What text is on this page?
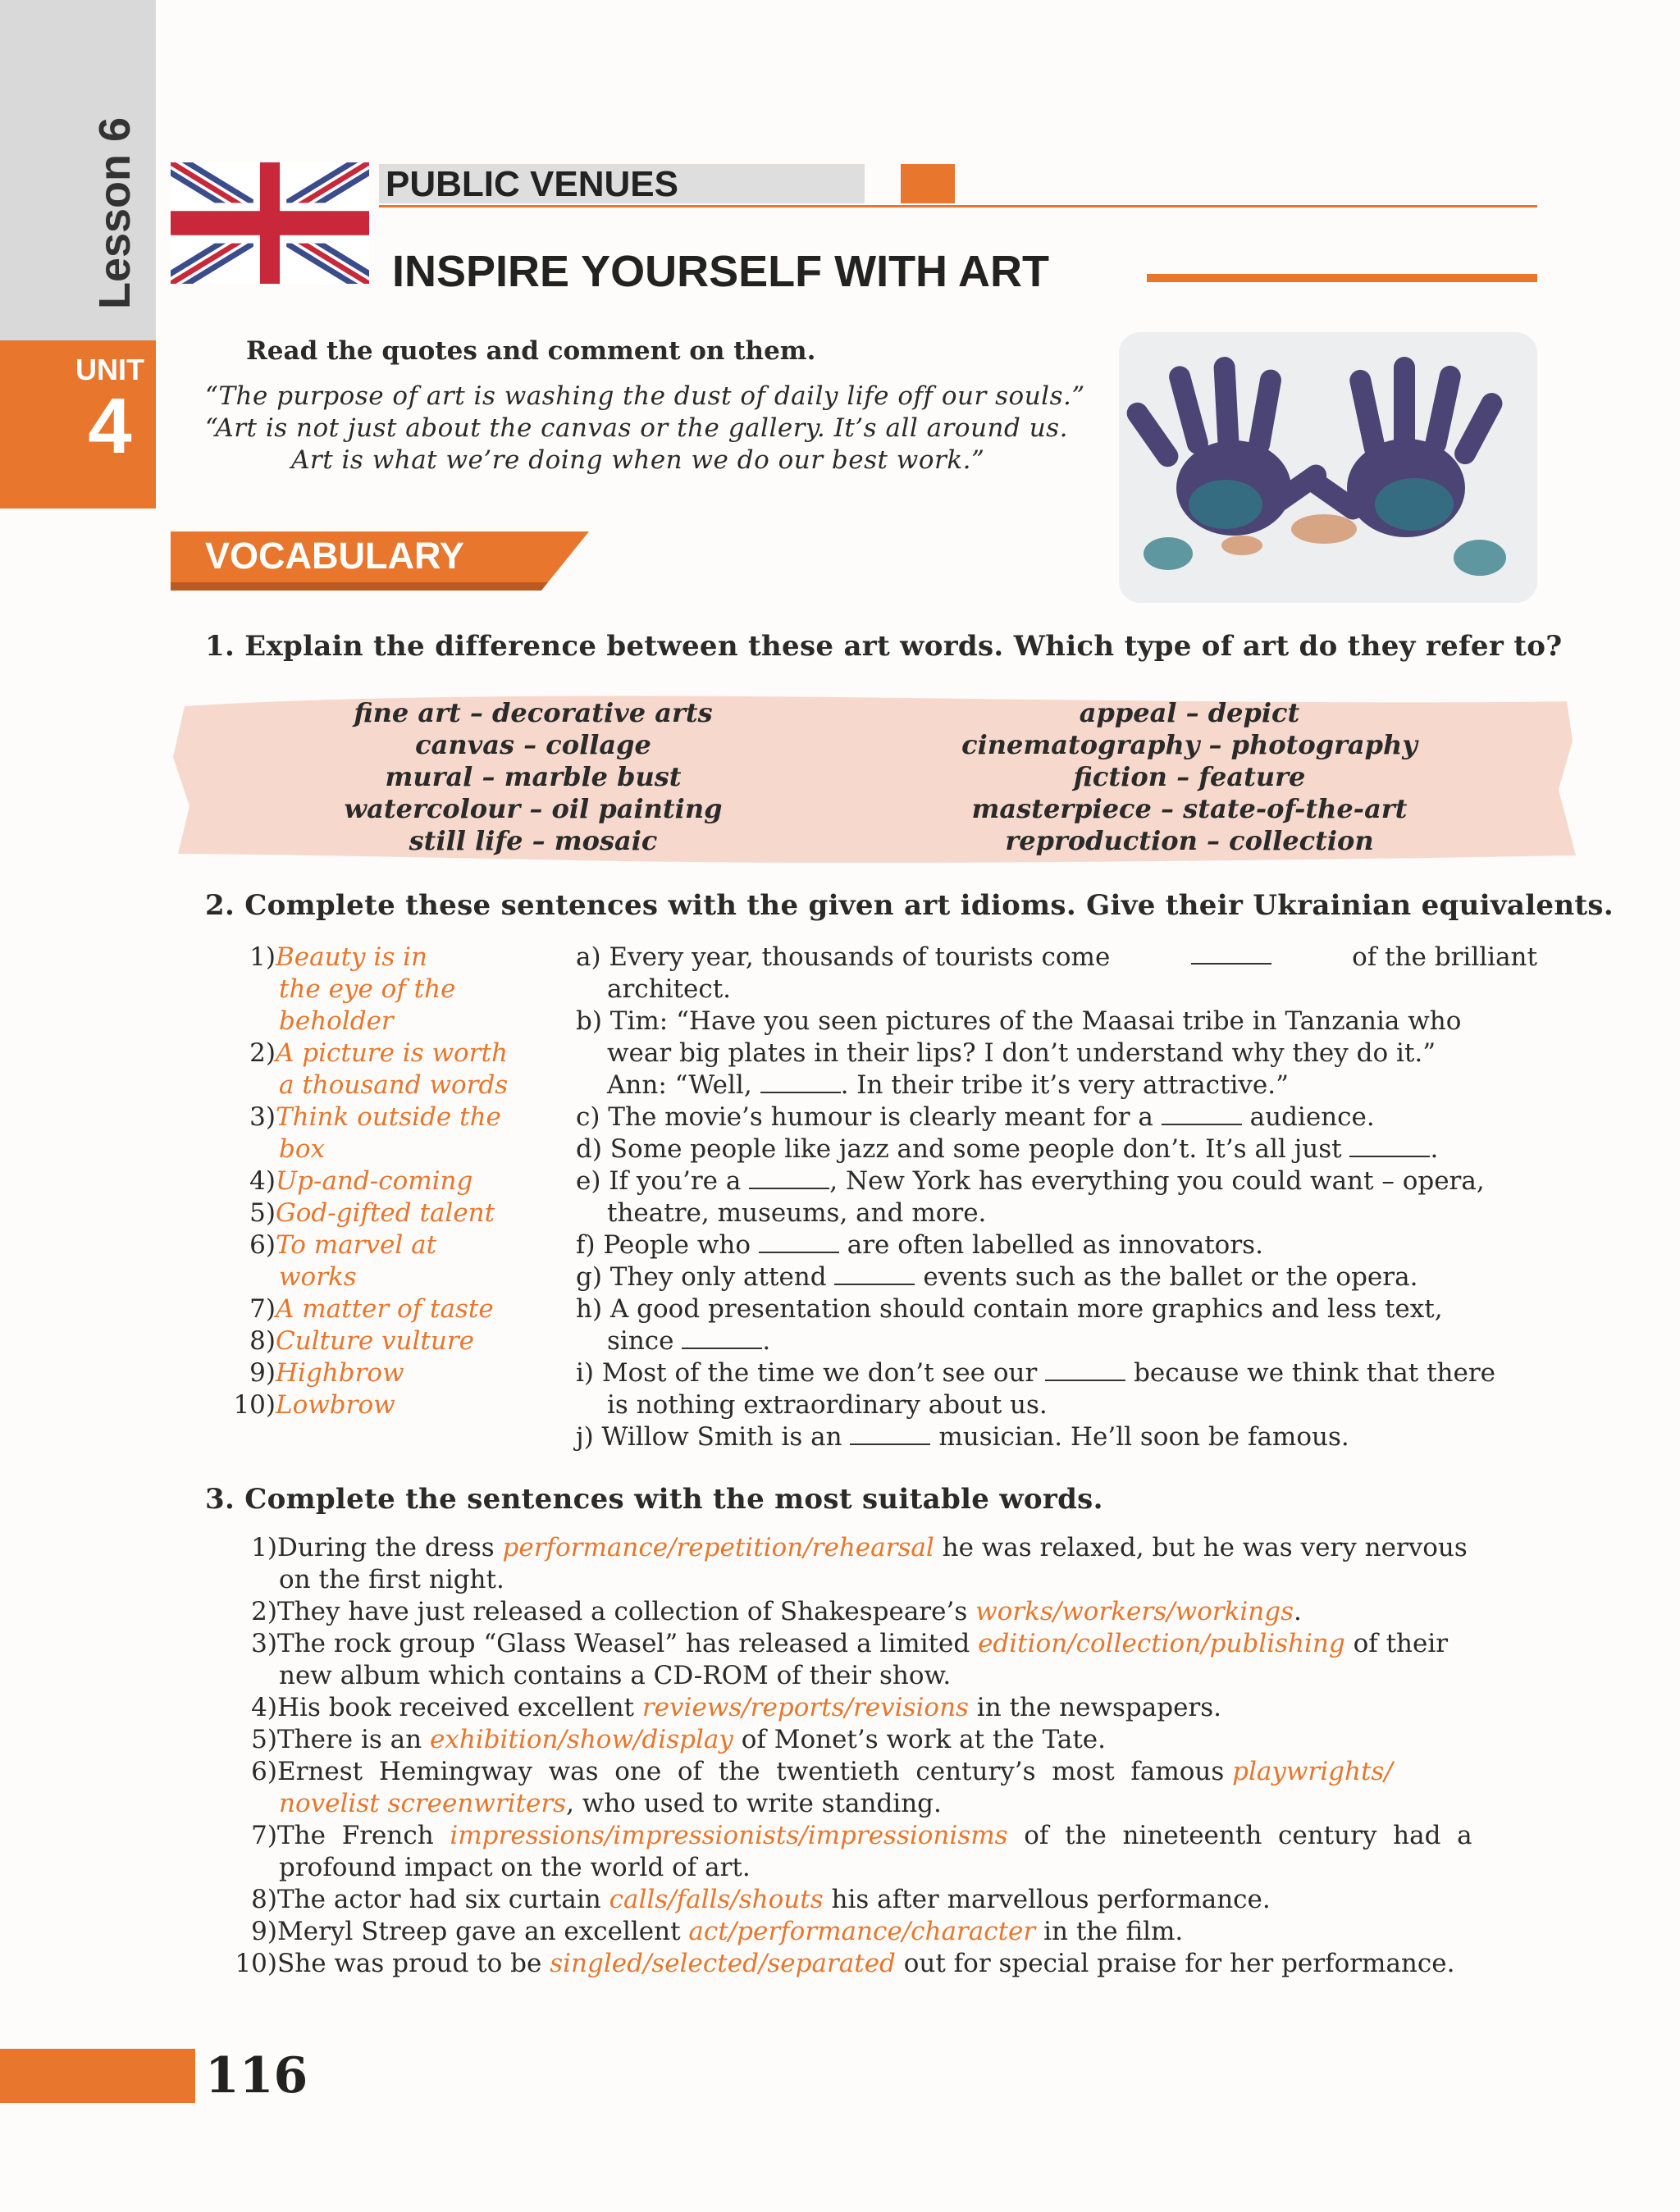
Lesson 6
UNIT
4
PUBLIC VENUES
INSPIRE YOURSELF WITH ART
Read the quotes and comment on them.
“The purpose of art is washing the dust of daily life off our souls.”
“Art is not just about the canvas or the gallery. It’s all around us.
Art is what we’re doing when we do our best work.”
VOCABULARY
1. Explain the difference between these art words. Which type of art do they refer to?
fine art – decorative arts
canvas – collage
mural – marble bust
watercolour – oil painting
still life – mosaic
appeal – depict
cinematography – photography
fiction – feature
masterpiece – state-of-the-art
reproduction – collection
2. Complete these sentences with the given art idioms. Give their Ukrainian equivalents.
1)Beauty is in
the eye of the
beholder
2)A picture is worth
a thousand words
3)Think outside the
box
4)Up-and-coming
5)God-gifted talent
6)To marvel at
works
7)A matter of taste
8)Culture vulture
9)Highbrow
10)Lowbrow
a) Every year, thousands of tourists come	of the brilliant
architect.
b) Tim: “Have you seen pictures of the Maasai tribe in Tanzania who
wear big plates in their lips? I don’t understand why they do it.”
Ann: “Well,	. In their tribe it’s very attractive.”
c) The movie’s humour is clearly meant for a	audience.
d) Some people like jazz and some people don’t. It’s all just	.
e) If you’re a	, New York has everything you could want – opera,
theatre, museums, and more.
f) People who	are often labelled as innovators.
g) They only attend	events such as the ballet or the opera.
h) A good presentation should contain more graphics and less text,
since	.
i) Most of the time we don’t see our	because we think that there
is nothing extraordinary about us.
j) Willow Smith is an	musician. He’ll soon be famous.
3. Complete the sentences with the most suitable words.
1)During the dress performance/repetition/rehearsal he was relaxed, but he was very nervous
on the first night.
2)They have just released a collection of Shakespeare’s works/workers/workings.
3)The rock group “Glass Weasel” has released a limited edition/collection/publishing of their
new album which contains a CD-ROM of their show.
4)His book received excellent reviews/reports/revisions in the newspapers.
5)There is an exhibition/show/display of Monet’s work at the Tate.
6)Ernest  Hemingway  was  one  of  the  twentieth  century’s  most  famous playwrights/
novelist screenwriters, who used to write standing.
7)The  French  impressions/impressionists/impressionisms  of  the  nineteenth  century  had  a
profound impact on the world of art.
8)The actor had six curtain calls/falls/shouts his after marvellous performance.
9)Meryl Streep gave an excellent act/performance/character in the film.
10)She was proud to be singled/selected/separated out for special praise for her performance.
116
